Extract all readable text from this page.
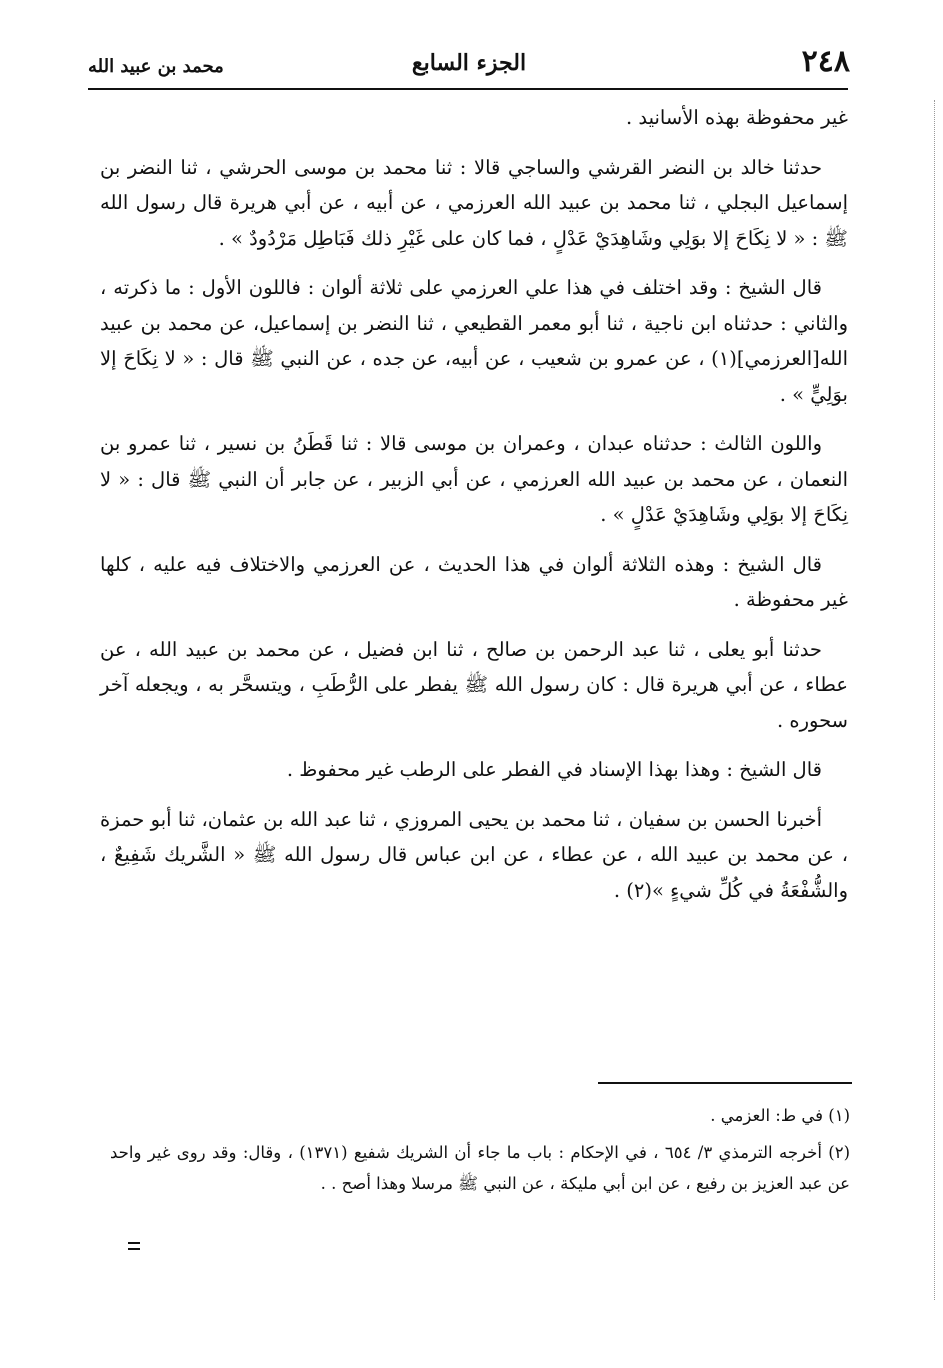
٢٤٨
الجزء السابع
محمد بن عبيد الله

غير محفوظة بهذه الأسانيد .

حدثنا خالد بن النضر القرشي والساجي قالا : ثنا محمد بن موسى الحرشي ، ثنا النضر بن إسماعيل البجلي ، ثنا محمد بن عبيد الله العرزمي ، عن أبيه ، عن أبي هريرة قال رسول الله ﷺ : « لا نِكَاحَ إلا بوَلِي وشَاهِدَيْ عَدْلٍ ، فما كان على غَيْرِ ذلك فَبَاطِل مَرْدُودٌ » .

قال الشيخ : وقد اختلف في هذا علي العرزمي على ثلاثة ألوان : فاللون الأول : ما ذكرته ، والثاني : حدثناه ابن ناجية ، ثنا أبو معمر القطيعي ، ثنا النضر بن إسماعيل، عن محمد بن عبيد الله[العرزمي](١) ، عن عمرو بن شعيب ، عن أبيه، عن جده ، عن النبي ﷺ قال : « لا نِكَاحَ إلا بوَلِيٍّ » .

واللون الثالث : حدثناه عبدان ، وعمران بن موسى قالا : ثنا قَطَنُ بن نسير ، ثنا عمرو بن النعمان ، عن محمد بن عبيد الله العرزمي ، عن أبي الزبير ، عن جابر أن النبي ﷺ قال : « لا نِكَاحَ إلا بوَلِي وشَاهِدَيْ عَدْلٍ » .

قال الشيخ : وهذه الثلاثة ألوان في هذا الحديث ، عن العرزمي والاختلاف فيه عليه ، كلها غير محفوظة .

حدثنا أبو يعلى ، ثنا عبد الرحمن بن صالح ، ثنا ابن فضيل ، عن محمد بن عبيد الله ، عن عطاء ، عن أبي هريرة قال : كان رسول الله ﷺ يفطر على الرُّطَبِ ، ويتسحَّر به ، ويجعله آخر سحوره .

قال الشيخ : وهذا بهذا الإسناد في الفطر على الرطب غير محفوظ .

أخبرنا الحسن بن سفيان ، ثنا محمد بن يحيى المروزي ، ثنا عبد الله بن عثمان، ثنا أبو حمزة ، عن محمد بن عبيد الله ، عن عطاء ، عن ابن عباس قال رسول الله ﷺ « الشَّريك شَفِيعٌ ، والشُّفْعَةُ في كُلِّ شيءٍ »(٢) .

(١) في ط: العزمي .

(٢) أخرجه الترمذي ٣/ ٦٥٤ ، في الإحكام : باب ما جاء أن الشريك شفيع (١٣٧١) ، وقال: وقد روى غير واحد عن عبد العزيز بن رفيع ، عن ابن أبي مليكة ، عن النبي ﷺ مرسلا وهذا أصح . .
